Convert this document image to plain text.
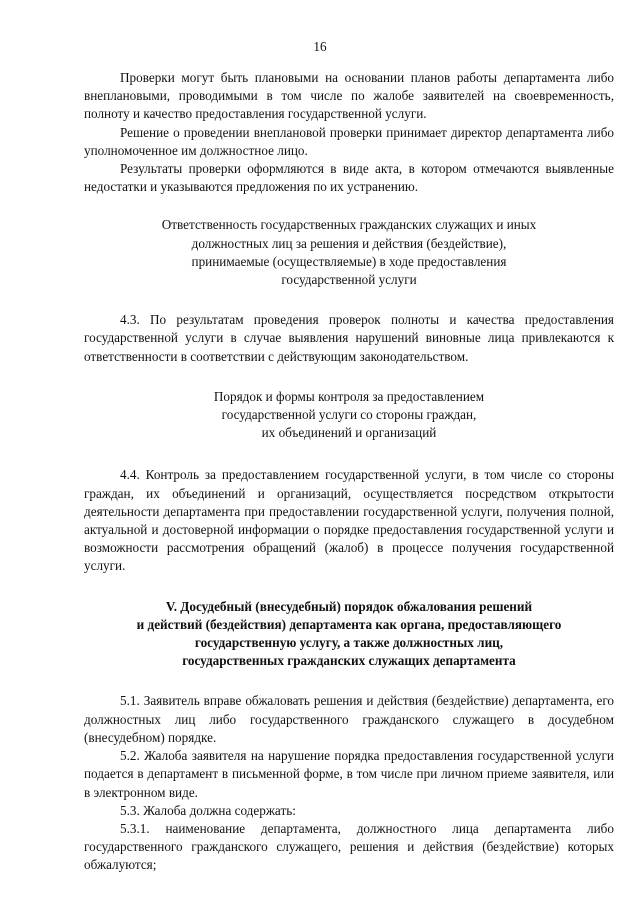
16

Проверки могут быть плановыми на основании планов работы департамента либо внеплановыми, проводимыми в том числе по жалобе заявителей на своевременность, полноту и качество предоставления государственной услуги.

Решение о проведении внеплановой проверки принимает директор департамента либо уполномоченное им должностное лицо.

Результаты проверки оформляются в виде акта, в котором отмечаются выявленные недостатки и указываются предложения по их устранению.

Ответственность государственных гражданских служащих и иных
должностных лиц за решения и действия (бездействие),
принимаемые (осуществляемые) в ходе предоставления
государственной услуги

4.3. По результатам проведения проверок полноты и качества предоставления государственной услуги в случае выявления нарушений виновные лица привлекаются к ответственности в соответствии с действующим законодательством.

Порядок и формы контроля за предоставлением
государственной услуги со стороны граждан,
их объединений и организаций

4.4. Контроль за предоставлением государственной услуги, в том числе со стороны граждан, их объединений и организаций, осуществляется посредством открытости деятельности департамента при предоставлении государственной услуги, получения полной, актуальной и достоверной информации о порядке предоставления государственной услуги и возможности рассмотрения обращений (жалоб) в процессе получения государственной услуги.

V. Досудебный (внесудебный) порядок обжалования решений
и действий (бездействия) департамента как органа, предоставляющего
государственную услугу, а также должностных лиц,
государственных гражданских служащих департамента

5.1. Заявитель вправе обжаловать решения и действия (бездействие) департамента, его должностных лиц либо государственного гражданского служащего в досудебном (внесудебном) порядке.

5.2. Жалоба заявителя на нарушение порядка предоставления государственной услуги подается в департамент в письменной форме, в том числе при личном приеме заявителя, или в электронном виде.

5.3. Жалоба должна содержать:

5.3.1. наименование департамента, должностного лица департамента либо государственного гражданского служащего, решения и действия (бездействие) которых обжалуются;
